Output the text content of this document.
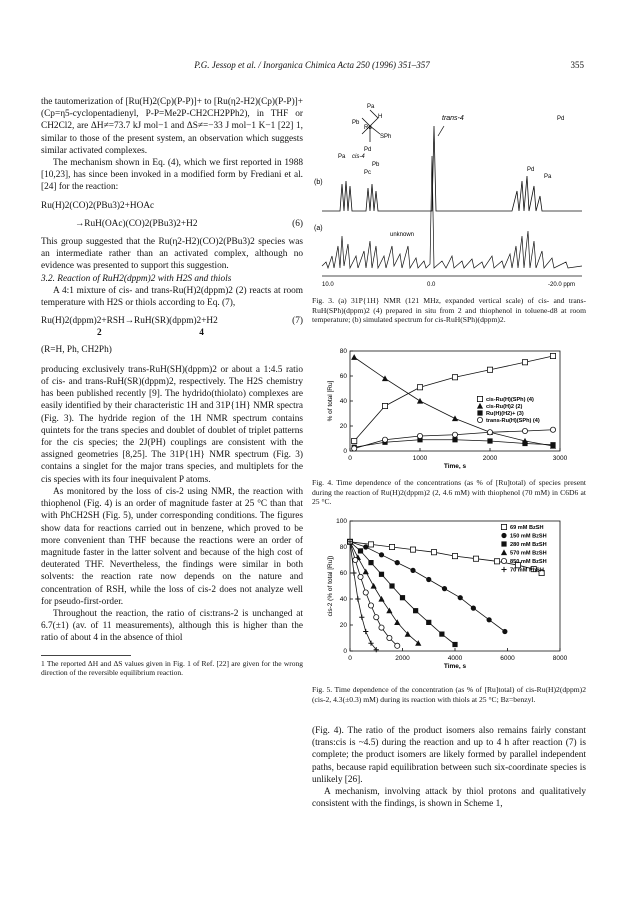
P.G. Jessop et al. / Inorganica Chimica Acta 250 (1996) 351–357	355

the tautomerization of [Ru(H)2(Cp)(P-P)]+ to [Ru(η2-H2)(Cp)(P-P)]+ (Cp=η5-cyclopentadienyl, P-P=Me2P-CH2CH2PPh2), in THF or CH2Cl2, are ΔH≠=73.7 kJ mol−1 and ΔS≠=−33 J mol−1 K−1 [22] 1, similar to those of the present system, an observation which suggests similar activated complexes.

The mechanism shown in Eq. (4), which we first reported in 1988 [10,23], has since been invoked in a modified form by Frediani et al. [24] for the reaction:

Ru(H)2(CO)2(PBu3)2+HOAc
→RuH(OAc)(CO)2(PBu3)2+H2	(6)

This group suggested that the Ru(η2-H2)(CO)2(PBu3)2 species was an intermediate rather than an activated complex, although no evidence was presented to support this suggestion.

3.2. Reaction of RuH2(dppm)2 with H2S and thiols

A 4:1 mixture of cis- and trans-Ru(H)2(dppm)2 (2) reacts at room temperature with H2S or thiols according to Eq. (7),

Ru(H)2(dppm)2+RSH→RuH(SR)(dppm)2+H2	(7)
2                                          4

(R=H, Ph, CH2Ph)

producing exclusively trans-RuH(SH)(dppm)2 or about a 1:4.5 ratio of cis- and trans-RuH(SR)(dppm)2, respectively. The H2S chemistry has been published recently [9]. The hydrido(thiolato) complexes are easily identified by their characteristic 1H and 31P{1H} NMR spectra (Fig. 3). The hydride region of the 1H NMR spectrum contains quintets for the trans species and doublet of doublet of triplet patterns for the cis species; the 2J(PH) couplings are consistent with the assigned geometries [8,25]. The 31P{1H} NMR spectrum (Fig. 3) contains a singlet for the major trans species, and multiplets for the cis species with its four inequivalent P atoms.

As monitored by the loss of cis-2 using NMR, the reaction with thiophenol (Fig. 4) is an order of magnitude faster at 25 °C than that with PhCH2SH (Fig. 5), under corresponding conditions. The figures show data for reactions carried out in benzene, which proved to be more convenient than THF because the reactions were an order of magnitude faster in the latter solvent and because of the high cost of deuterated THF. Nevertheless, the findings were similar in both solvents: the reaction rate now depends on the nature and concentration of RSH, while the loss of cis-2 does not analyze well for pseudo-first-order.

Throughout the reaction, the ratio of cis:trans-2 is unchanged at 6.7(±1) (av. of 11 measurements), although this is higher than the ratio of about 4 in the absence of thiol

1 The reported ΔH and ΔS values given in Fig. 1 of Ref. [22] are given for the wrong direction of the reversible equilibrium reaction.

Pa
Pb
Ru
H
SPh
Pd
trans-4
Pa cis-4
Pb
Pc
Pd
Pd
Pa
(b)
(a)
unknown
10.0	0.0	-20.0 ppm
Fig. 3. (a) 31P{1H} NMR (121 MHz, expanded vertical scale) of cis- and trans-RuH(SPh)(dppm)2 (4) prepared in situ from 2 and thiophenol in toluene-d8 at room temperature; (b) simulated spectrum for cis-RuH(SPh)(dppm)2.
0	1000	2000	3000
0
20
40
60
80
Time, s
% of total [Ru]	cis-Ru(H)(SPh) (4)
cis-Ru(H)2 (2)
Ru(H)(H2)+ (3)
trans-Ru(H)(SPh) (4)
Fig. 4. Time dependence of the concentrations (as % of [Ru]total) of species present during the reaction of Ru(H)2(dppm)2 (2, 4.6 mM) with thiophenol (70 mM) in C6D6 at 25 °C.
0	2000	4000	6000	8000
0
20
40
60
80
100
Time, s
cis-2 (% of total [Ru])
69 mM BzSH
150 mM BzSH
280 mM BzSH
570 mM BzSH
850 mM BzSH
70 mM PhSH
Fig. 5. Time dependence of the concentration (as % of [Ru]total) of cis-Ru(H)2(dppm)2 (cis-2, 4.3(±0.3) mM) during its reaction with thiols at 25 °C; Bz=benzyl.

(Fig. 4). The ratio of the product isomers also remains fairly constant (trans:cis is ~4.5) during the reaction and up to 4 h after reaction (7) is complete; the product isomers are likely formed by parallel independent paths, because rapid equilibration between such six-coordinate species is unlikely [26].

A mechanism, involving attack by thiol protons and qualitatively consistent with the findings, is shown in Scheme 1,
